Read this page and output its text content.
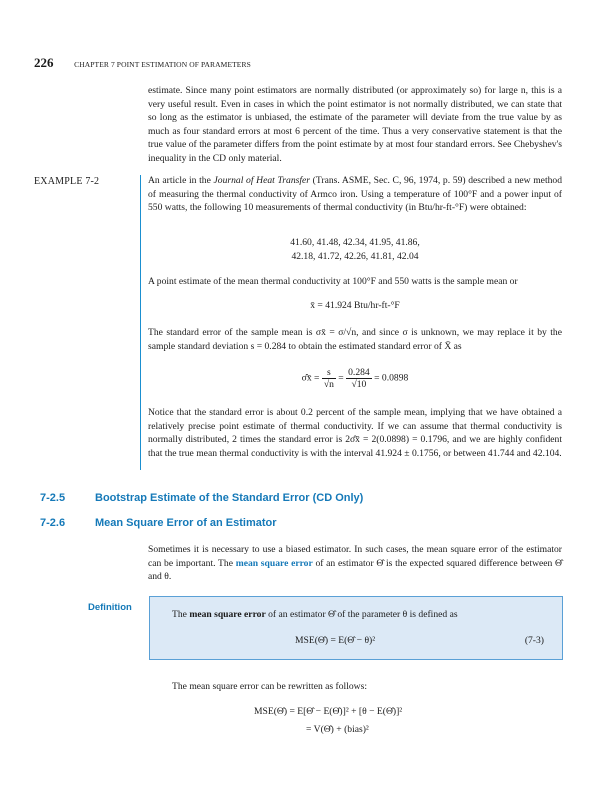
226	CHAPTER 7 POINT ESTIMATION OF PARAMETERS

estimate. Since many point estimators are normally distributed (or approximately so) for large n, this is a very useful result. Even in cases in which the point estimator is not normally distributed, we can state that so long as the estimator is unbiased, the estimate of the parameter will deviate from the true value by as much as four standard errors at most 6 percent of the time. Thus a very conservative statement is that the true value of the parameter differs from the point estimate by at most four standard errors. See Chebyshev's inequality in the CD only material.

EXAMPLE 7-2	An article in the Journal of Heat Transfer (Trans. ASME, Sec. C, 96, 1974, p. 59) described a new method of measuring the thermal conductivity of Armco iron. Using a temperature of 100°F and a power input of 550 watts, the following 10 measurements of thermal conductivity (in Btu/hr-ft-°F) were obtained:

41.60, 41.48, 42.34, 41.95, 41.86,
42.18, 41.72, 42.26, 41.81, 42.04

A point estimate of the mean thermal conductivity at 100°F and 550 watts is the sample mean or

x̄ = 41.924 Btu/hr-ft-°F

The standard error of the sample mean is σx̄ = σ/√n, and since σ is unknown, we may replace it by the sample standard deviation s = 0.284 to obtain the estimated standard error of X̄ as

σ̂x̄ = $\frac{s}{√n} = \frac{0.284}{√10} = 0.0898$

Notice that the standard error is about 0.2 percent of the sample mean, implying that we have obtained a relatively precise point estimate of thermal conductivity. If we can assume that thermal conductivity is normally distributed, 2 times the standard error is 2σ̂x̄ = 2(0.0898) = 0.1796, and we are highly confident that the true mean thermal conductivity is with the interval 41.924 ± 0.1756, or between 41.744 and 42.104.

7-2.5	Bootstrap Estimate of the Standard Error (CD Only)
7-2.6	Mean Square Error of an Estimator

Sometimes it is necessary to use a biased estimator. In such cases, the mean square error of the estimator can be important. The mean square error of an estimator Θ̂ is the expected squared difference between Θ̂ and θ.

Definition
The mean square error of an estimator Θ̂ of the parameter θ is defined as
MSE(Θ̂) = E(Θ̂ − θ)²	(7-3)

The mean square error can be rewritten as follows:

MSE(Θ̂) = E[Θ̂ − E(Θ̂)]² + [θ − E(Θ̂)]²
= V(Θ̂) + (bias)²
